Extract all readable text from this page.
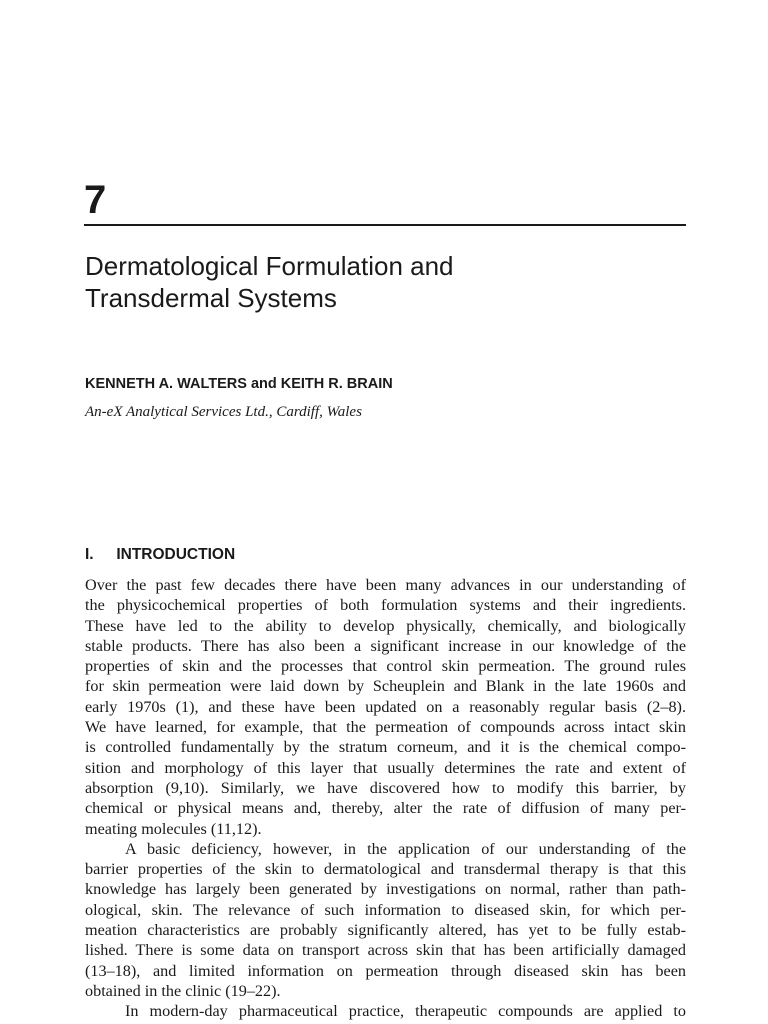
7
Dermatological Formulation and
Transdermal Systems
KENNETH A. WALTERS and KEITH R. BRAIN
An-eX Analytical Services Ltd., Cardiff, Wales
I. INTRODUCTION
Over the past few decades there have been many advances in our understanding of
the physicochemical properties of both formulation systems and their ingredients.
These have led to the ability to develop physically, chemically, and biologically
stable products. There has also been a significant increase in our knowledge of the
properties of skin and the processes that control skin permeation. The ground rules
for skin permeation were laid down by Scheuplein and Blank in the late 1960s and
early 1970s (1), and these have been updated on a reasonably regular basis (2–8).
We have learned, for example, that the permeation of compounds across intact skin
is controlled fundamentally by the stratum corneum, and it is the chemical compo-
sition and morphology of this layer that usually determines the rate and extent of
absorption (9,10). Similarly, we have discovered how to modify this barrier, by
chemical or physical means and, thereby, alter the rate of diffusion of many per-
meating molecules (11,12).
A basic deficiency, however, in the application of our understanding of the
barrier properties of the skin to dermatological and transdermal therapy is that this
knowledge has largely been generated by investigations on normal, rather than path-
ological, skin. The relevance of such information to diseased skin, for which per-
meation characteristics are probably significantly altered, has yet to be fully estab-
lished. There is some data on transport across skin that has been artificially damaged
(13–18), and limited information on permeation through diseased skin has been
obtained in the clinic (19–22).
In modern-day pharmaceutical practice, therapeutic compounds are applied to
